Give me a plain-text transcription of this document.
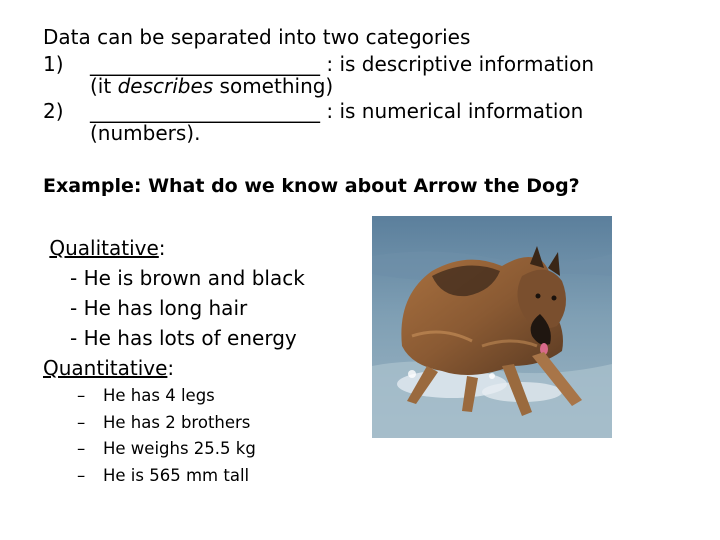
Data can be separated into two categories
1) _______________________ : is descriptive information
(it describes something)
2) _______________________ : is numerical information
(numbers).
Example: What do we know about Arrow the Dog?
Qualitative:
- He is brown and black
- He has long hair
- He has lots of energy
Quantitative:
– He has 4 legs
– He has 2 brothers
– He weighs 25.5 kg
– He is 565 mm tall
